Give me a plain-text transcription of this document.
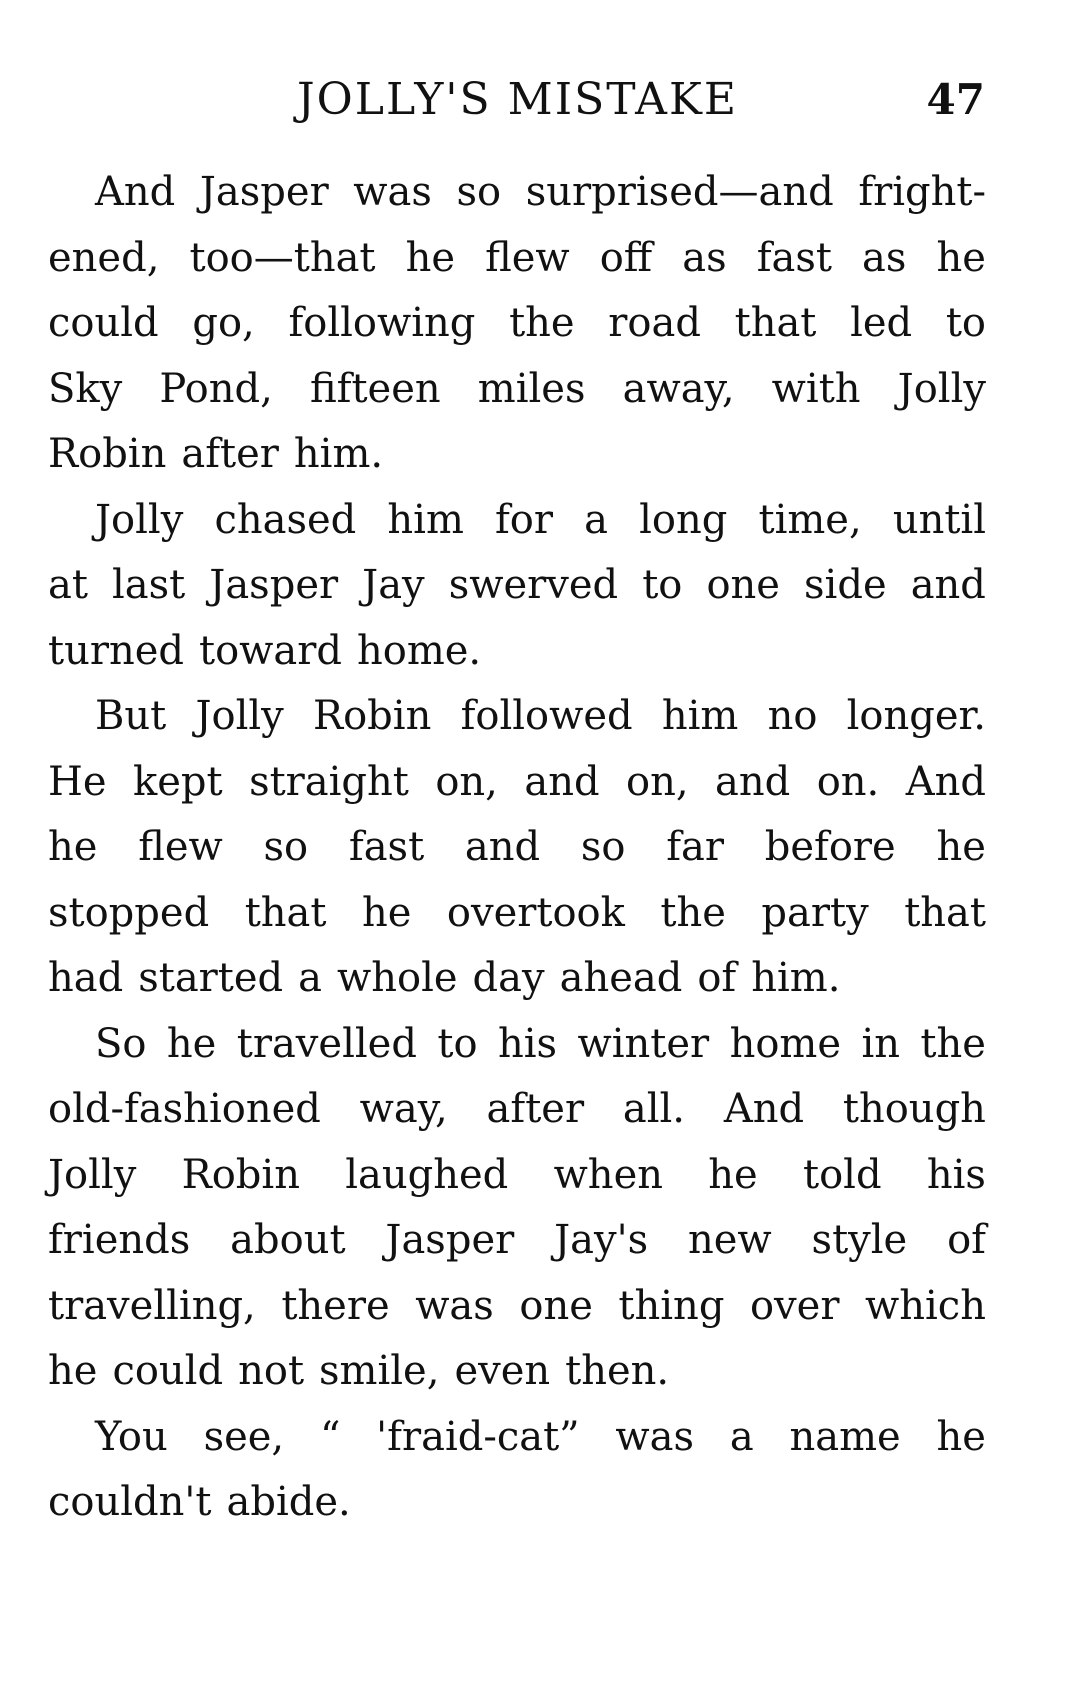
JOLLY'S MISTAKE	47
And Jasper was so surprised—and fright-
ened, too—that he flew off as fast as he
could go, following the road that led to
Sky Pond, fifteen miles away, with Jolly
Robin after him.
Jolly chased him for a long time, until
at last Jasper Jay swerved to one side and
turned toward home.
But Jolly Robin followed him no longer.
He kept straight on, and on, and on. And
he flew so fast and so far before he
stopped that he overtook the party that
had started a whole day ahead of him.
So he travelled to his winter home in the
old-fashioned way, after all. And though
Jolly Robin laughed when he told his
friends about Jasper Jay's new style of
travelling, there was one thing over which
he could not smile, even then.
You see, “ 'fraid-cat” was a name he
couldn't abide.
